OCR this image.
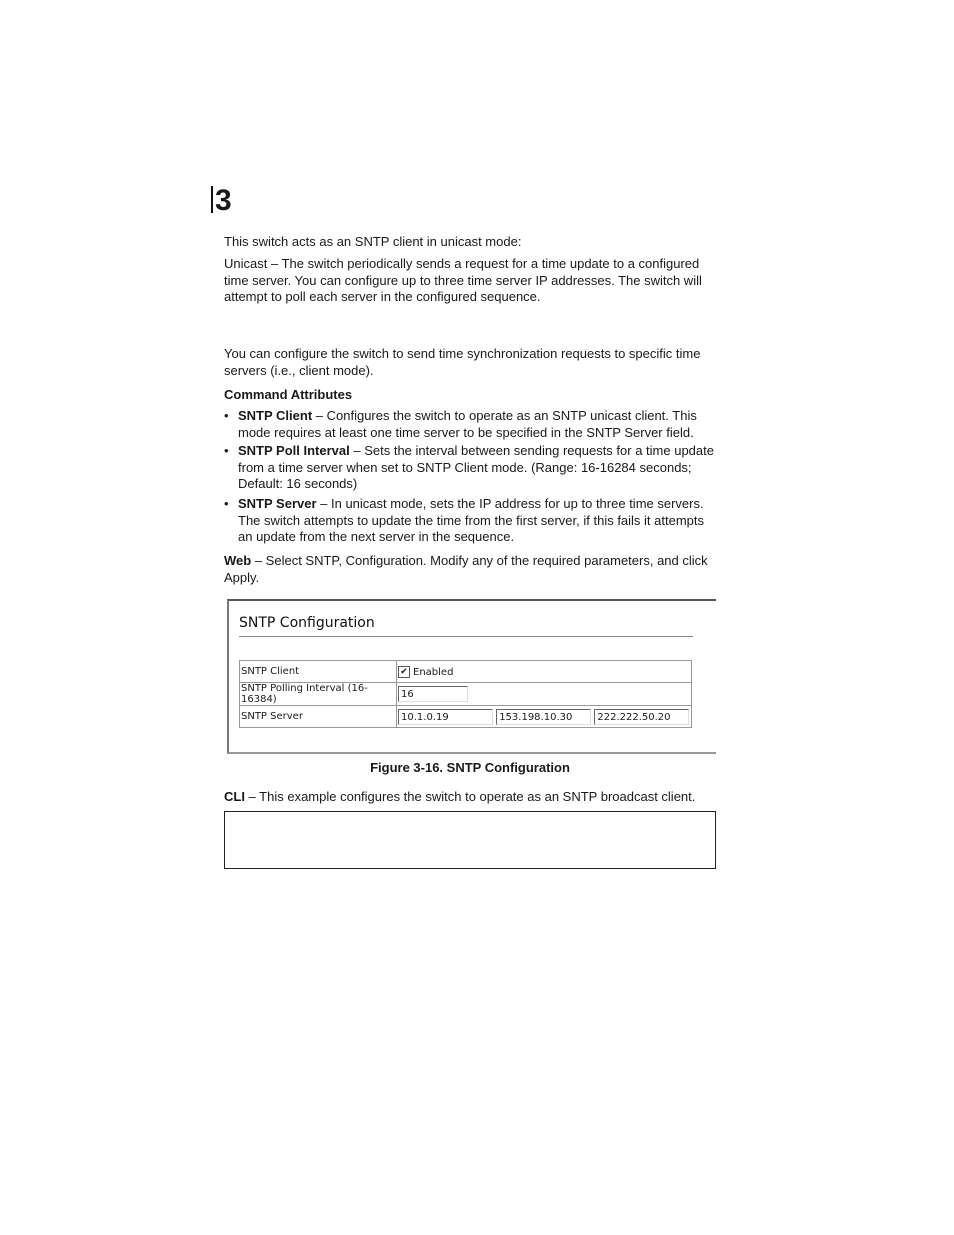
3

This switch acts as an SNTP client in unicast mode:

Unicast – The switch periodically sends a request for a time update to a configured time server. You can configure up to three time server IP addresses. The switch will attempt to poll each server in the configured sequence.

You can configure the switch to send time synchronization requests to specific time servers (i.e., client mode).

Command Attributes

• SNTP Client – Configures the switch to operate as an SNTP unicast client. This mode requires at least one time server to be specified in the SNTP Server field.
• SNTP Poll Interval – Sets the interval between sending requests for a time update from a time server when set to SNTP Client mode. (Range: 16-16284 seconds; Default: 16 seconds)
• SNTP Server – In unicast mode, sets the IP address for up to three time servers. The switch attempts to update the time from the first server, if this fails it attempts an update from the next server in the sequence.

Web – Select SNTP, Configuration. Modify any of the required parameters, and click Apply.

SNTP Configuration
SNTP Client	✔ Enabled
SNTP Polling Interval (16-16384)	16
SNTP Server	10.1.0.19 153.198.10.30 222.222.50.20
Figure 3-16. SNTP Configuration

CLI – This example configures the switch to operate as an SNTP broadcast client.
